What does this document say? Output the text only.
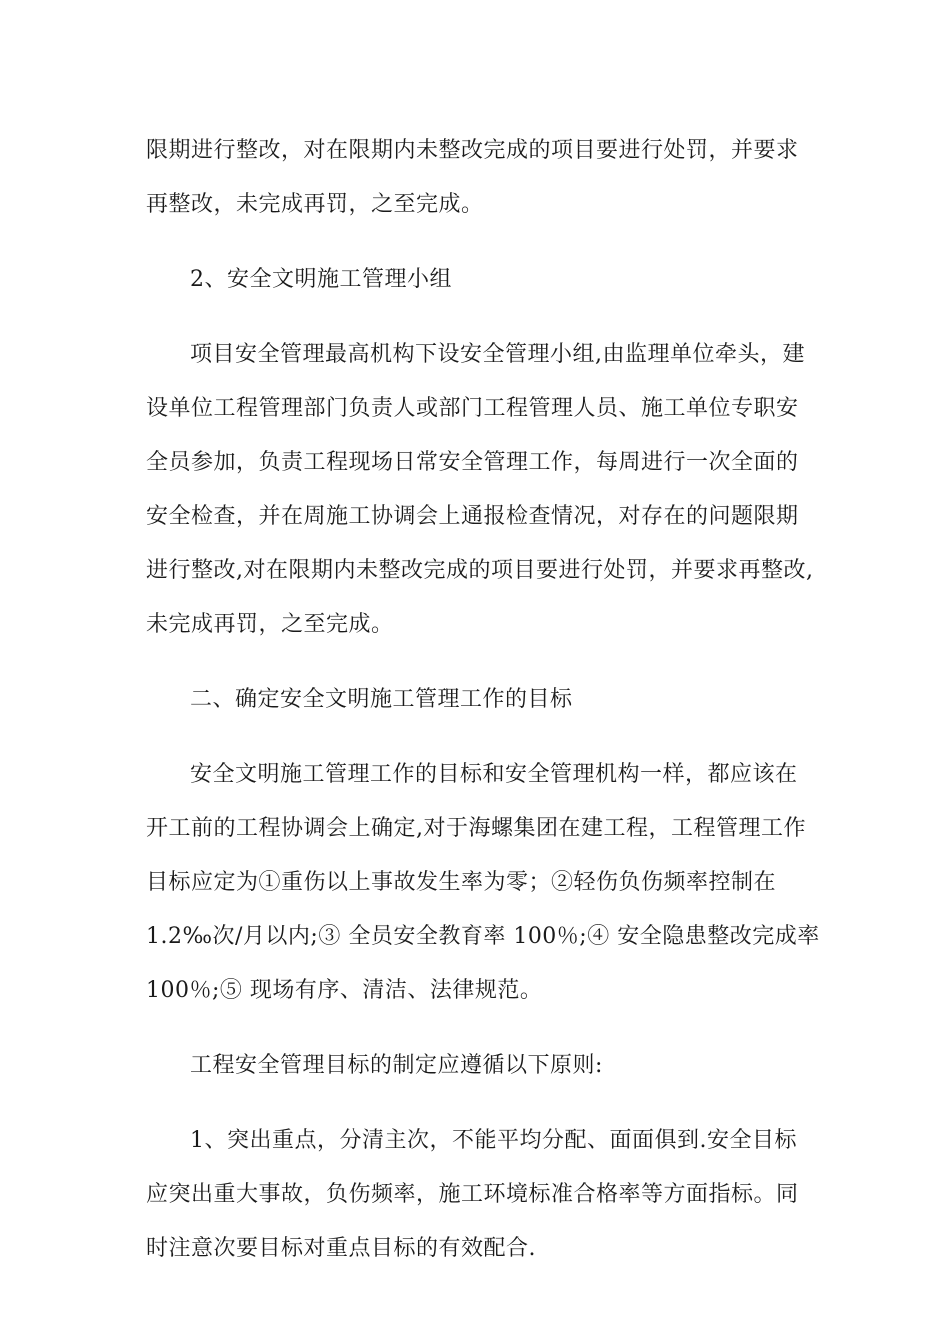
限期进行整改，对在限期内未整改完成的项目要进行处罚，并要求
再整改，未完成再罚，之至完成。

2、安全文明施工管理小组

项目安全管理最高机构下设安全管理小组,由监理单位牵头，建
设单位工程管理部门负责人或部门工程管理人员、施工单位专职安
全员参加，负责工程现场日常安全管理工作，每周进行一次全面的
安全检查，并在周施工协调会上通报检查情况，对存在的问题限期
进行整改,对在限期内未整改完成的项目要进行处罚，并要求再整改,
未完成再罚，之至完成。

二、确定安全文明施工管理工作的目标

安全文明施工管理工作的目标和安全管理机构一样，都应该在
开工前的工程协调会上确定,对于海螺集团在建工程，工程管理工作
目标应定为①重伤以上事故发生率为零；②轻伤负伤频率控制在
1.2‰次/月以内;③ 全员安全教育率 100％;④ 安全隐患整改完成率
100％;⑤ 现场有序、清洁、法律规范。

工程安全管理目标的制定应遵循以下原则:

1、突出重点，分清主次，不能平均分配、面面俱到.安全目标
应突出重大事故，负伤频率，施工环境标准合格率等方面指标。同
时注意次要目标对重点目标的有效配合.
